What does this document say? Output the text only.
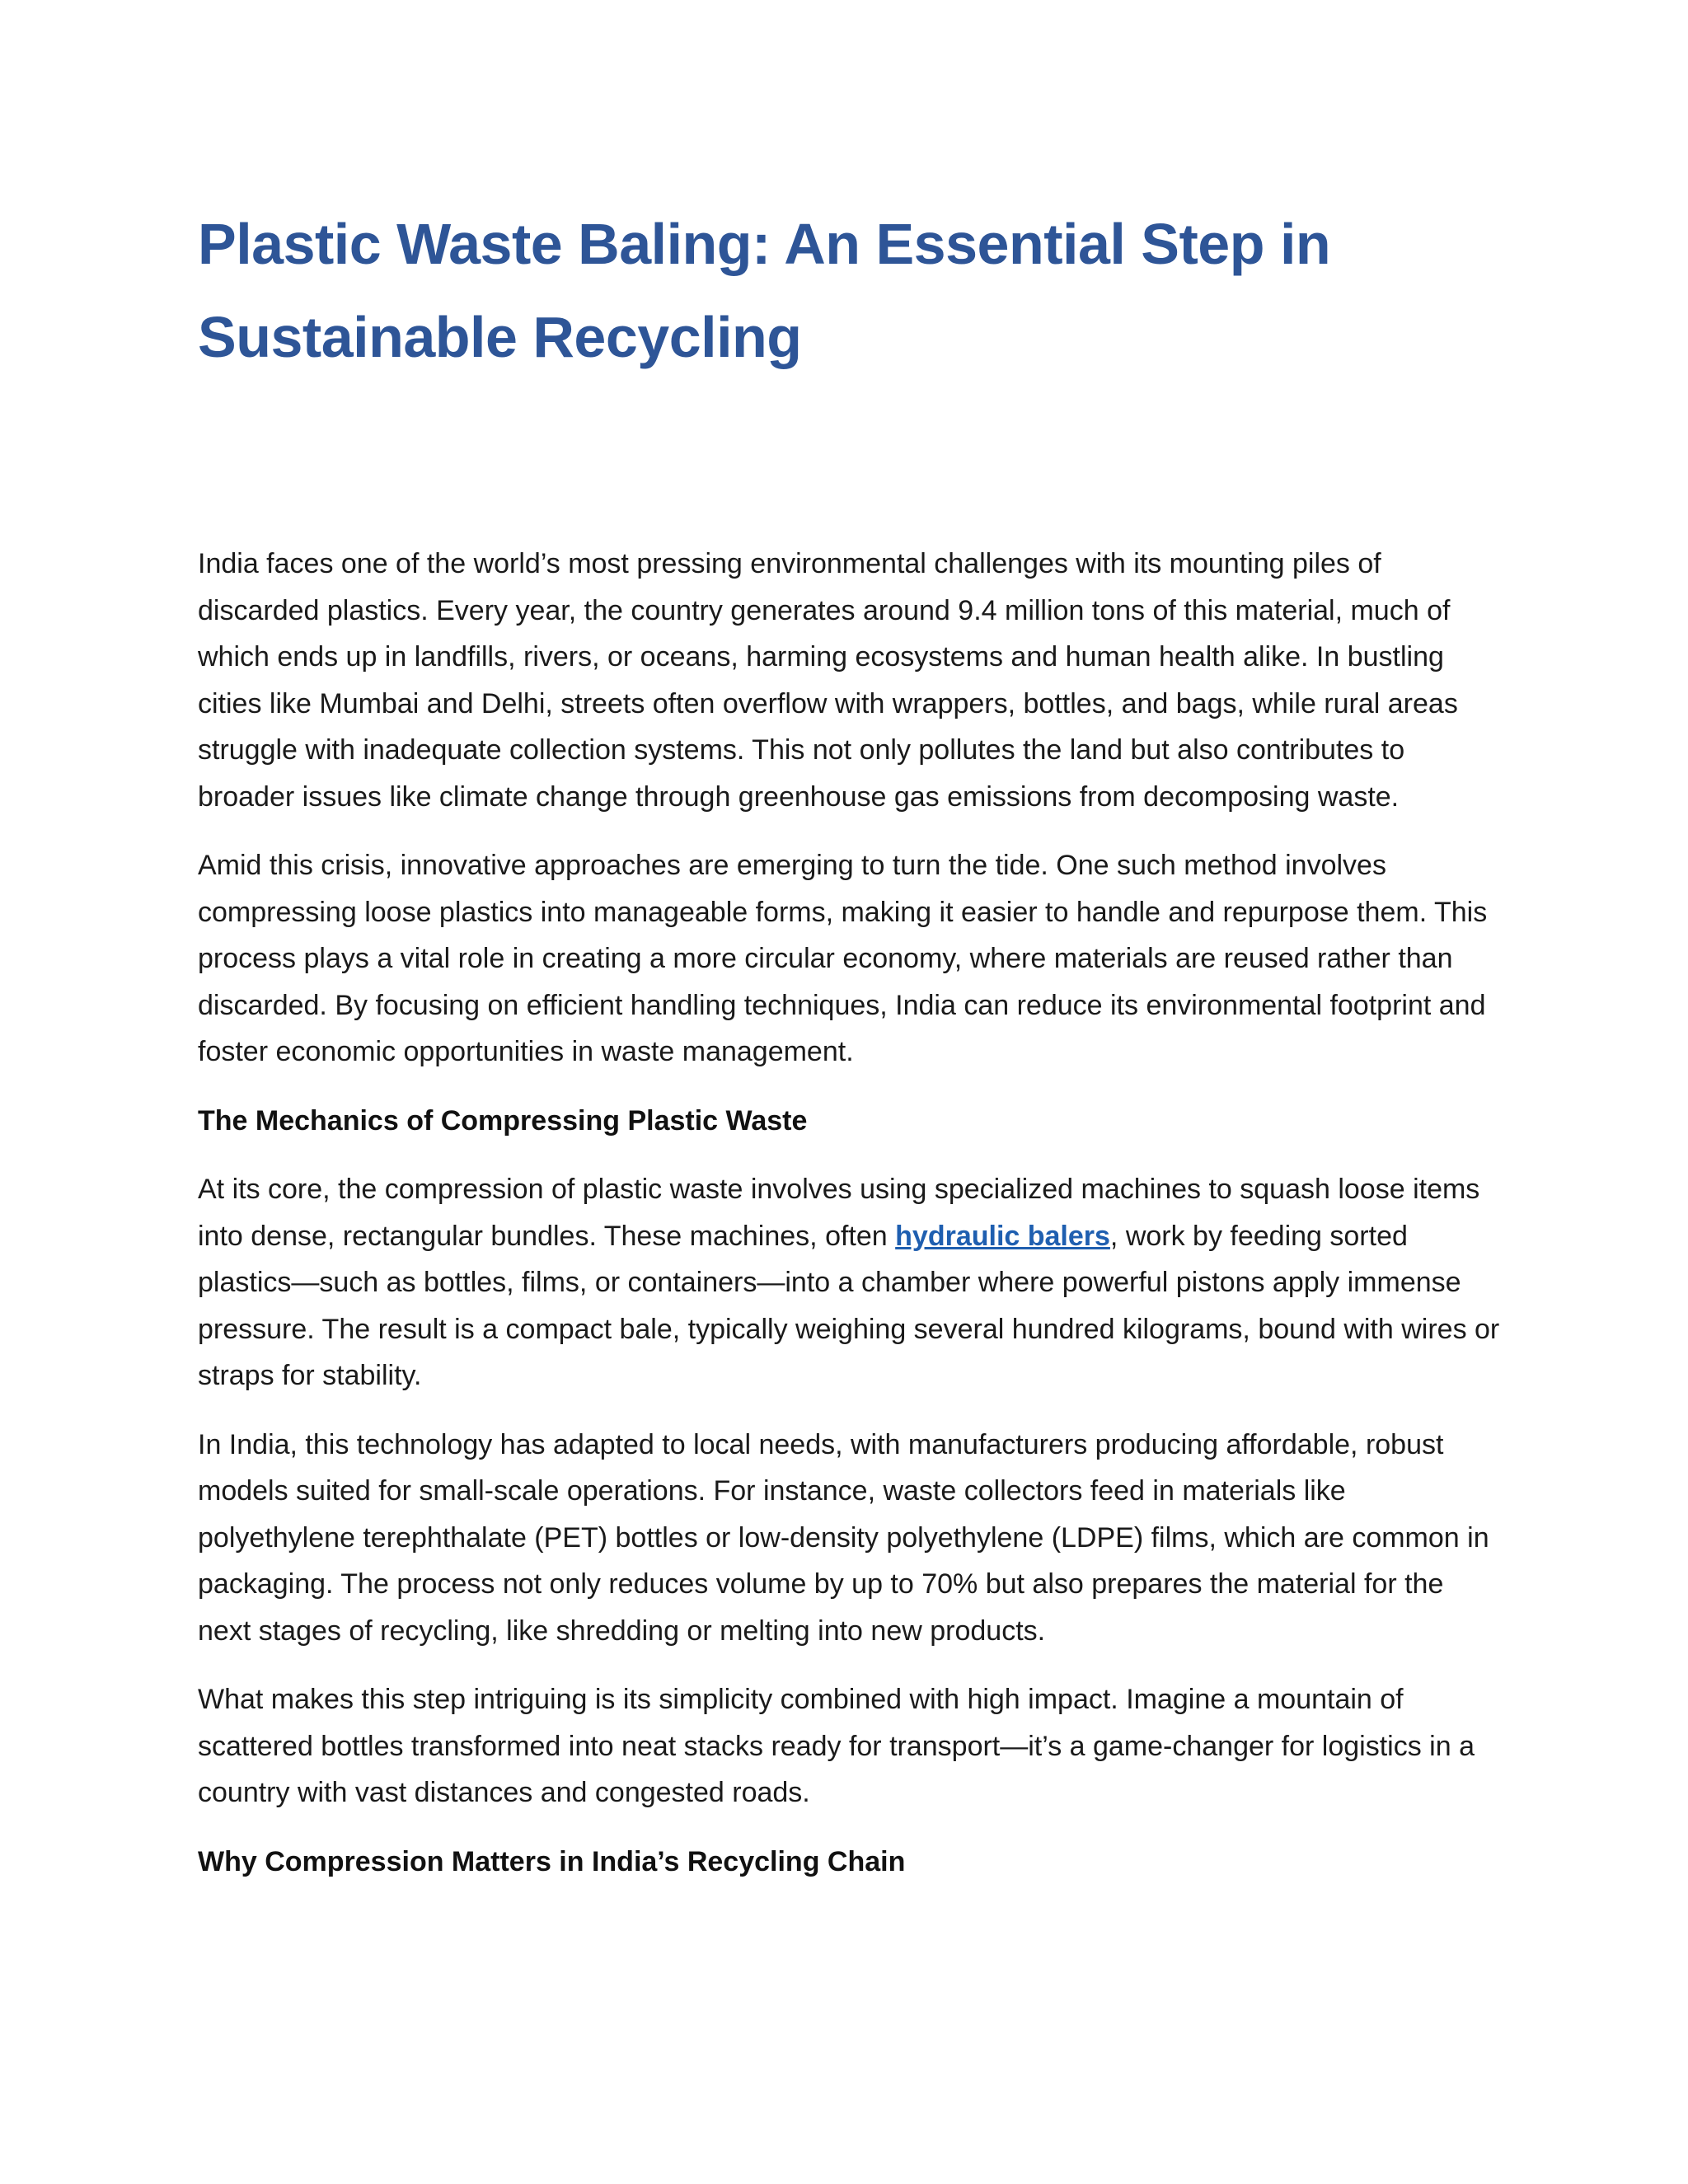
Plastic Waste Baling: An Essential Step in Sustainable Recycling

India faces one of the world’s most pressing environmental challenges with its mounting piles of discarded plastics. Every year, the country generates around 9.4 million tons of this material, much of which ends up in landfills, rivers, or oceans, harming ecosystems and human health alike. In bustling cities like Mumbai and Delhi, streets often overflow with wrappers, bottles, and bags, while rural areas struggle with inadequate collection systems. This not only pollutes the land but also contributes to broader issues like climate change through greenhouse gas emissions from decomposing waste.

Amid this crisis, innovative approaches are emerging to turn the tide. One such method involves compressing loose plastics into manageable forms, making it easier to handle and repurpose them. This process plays a vital role in creating a more circular economy, where materials are reused rather than discarded. By focusing on efficient handling techniques, India can reduce its environmental footprint and foster economic opportunities in waste management.

The Mechanics of Compressing Plastic Waste

At its core, the compression of plastic waste involves using specialized machines to squash loose items into dense, rectangular bundles. These machines, often hydraulic balers, work by feeding sorted plastics—such as bottles, films, or containers—into a chamber where powerful pistons apply immense pressure. The result is a compact bale, typically weighing several hundred kilograms, bound with wires or straps for stability.

In India, this technology has adapted to local needs, with manufacturers producing affordable, robust models suited for small-scale operations. For instance, waste collectors feed in materials like polyethylene terephthalate (PET) bottles or low-density polyethylene (LDPE) films, which are common in packaging. The process not only reduces volume by up to 70% but also prepares the material for the next stages of recycling, like shredding or melting into new products.

What makes this step intriguing is its simplicity combined with high impact. Imagine a mountain of scattered bottles transformed into neat stacks ready for transport—it’s a game-changer for logistics in a country with vast distances and congested roads.

Why Compression Matters in India’s Recycling Chain
